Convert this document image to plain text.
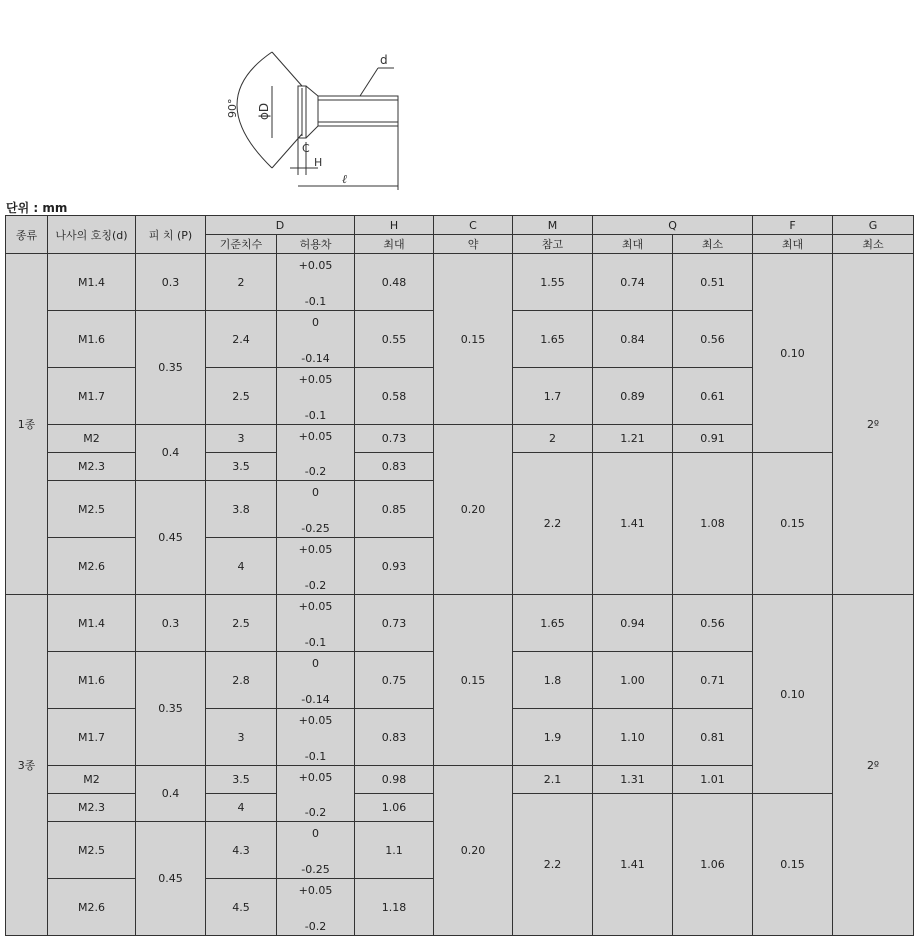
d
ϕD
90°
C
H
ℓ
단위 : mm
종류	나사의 호칭(d)	피 치 (P)	D		H	C	M	Q		F	G
			기준치수	허용차	최대	약	참고	최대	최소	최대	최소
1종	M1.4	0.3	2	+0.05
-0.1	0.48	0.15	1.55	0.74	0.51	0.10	2º
	M1.6	0.35	2.4	0
-0.14	0.55		1.65	0.84	0.56		
	M1.7		2.5	+0.05
-0.1	0.58		1.7	0.89	0.61		
	M2	0.4	3	+0.05
-0.2	0.73	0.20	2	1.21	0.91		
	M2.3		3.5		0.83		2.2	1.41	1.08	0.15	
	M2.5	0.45	3.8	0
-0.25	0.85						
	M2.6		4	+0.05
-0.2	0.93						
3종	M1.4	0.3	2.5	+0.05
-0.1	0.73	0.15	1.65	0.94	0.56	0.10	2º
	M1.6	0.35	2.8	0
-0.14	0.75		1.8	1.00	0.71		
	M1.7		3	+0.05
-0.1	0.83		1.9	1.10	0.81		
	M2	0.4	3.5	+0.05
-0.2	0.98	0.20	2.1	1.31	1.01		
	M2.3		4		1.06		2.2	1.41	1.06	0.15	
	M2.5	0.45	4.3	0
-0.25	1.1						
	M2.6		4.5	+0.05
-0.2	1.18						
